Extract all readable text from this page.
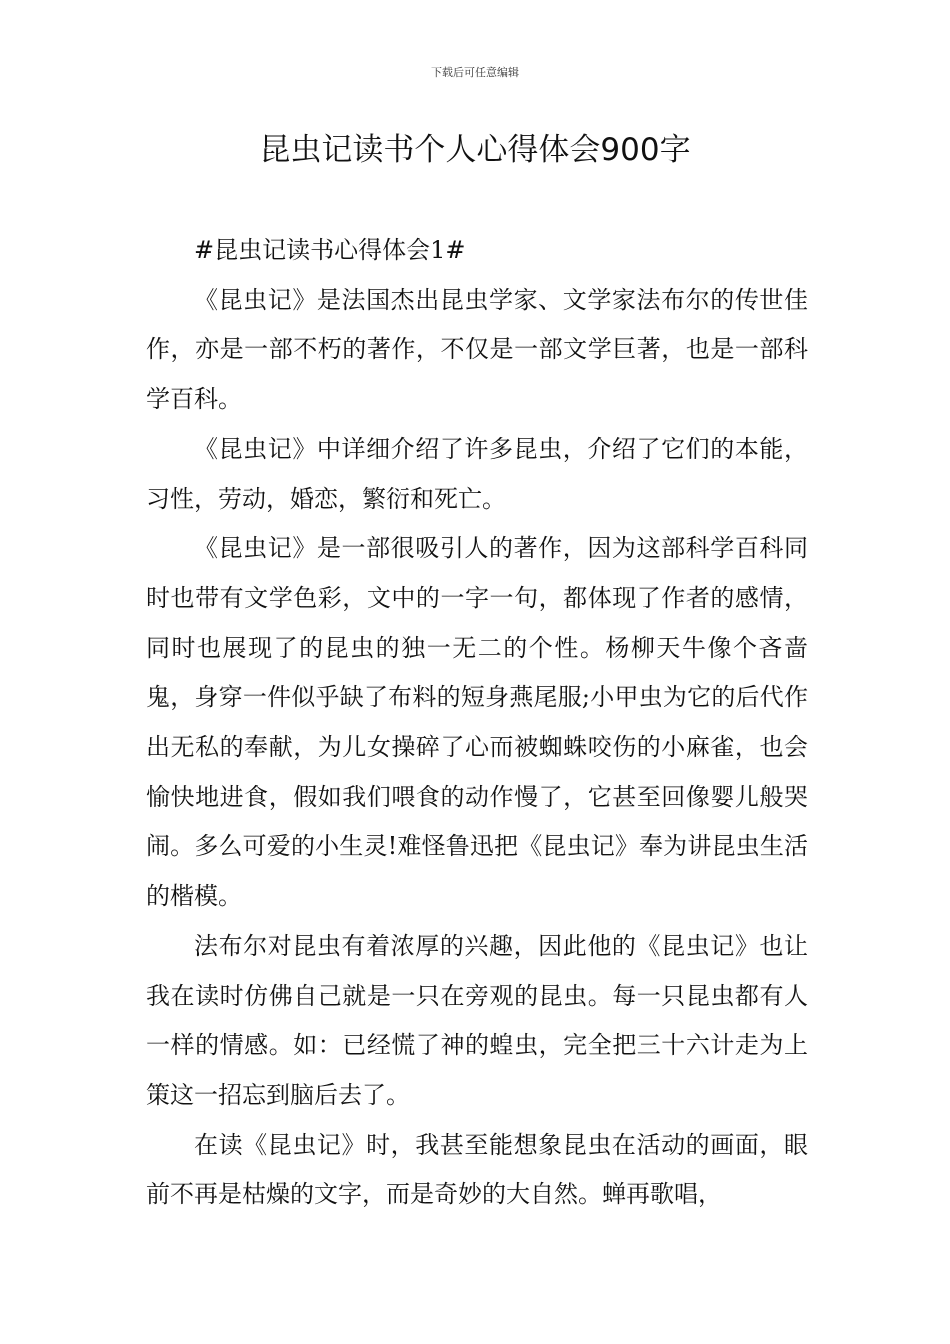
下载后可任意编辑
昆虫记读书个人心得体会900字

#昆虫记读书心得体会1#

《昆虫记》是法国杰出昆虫学家、文学家法布尔的传世佳作，亦是一部不朽的著作，不仅是一部文学巨著，也是一部科学百科。

《昆虫记》中详细介绍了许多昆虫，介绍了它们的本能，习性，劳动，婚恋，繁衍和死亡。

《昆虫记》是一部很吸引人的著作，因为这部科学百科同时也带有文学色彩，文中的一字一句，都体现了作者的感情，同时也展现了的昆虫的独一无二的个性。杨柳天牛像个吝啬鬼，身穿一件似乎缺了布料的短身燕尾服;小甲虫为它的后代作出无私的奉献，为儿女操碎了心而被蜘蛛咬伤的小麻雀，也会愉快地进食，假如我们喂食的动作慢了，它甚至回像婴儿般哭闹。多么可爱的小生灵!难怪鲁迅把《昆虫记》奉为讲昆虫生活的楷模。

法布尔对昆虫有着浓厚的兴趣，因此他的《昆虫记》也让我在读时仿佛自己就是一只在旁观的昆虫。每一只昆虫都有人一样的情感。如：已经慌了神的蝗虫，完全把三十六计走为上策这一招忘到脑后去了。

在读《昆虫记》时，我甚至能想象昆虫在活动的画面，眼前不再是枯燥的文字，而是奇妙的大自然。蝉再歌唱，
